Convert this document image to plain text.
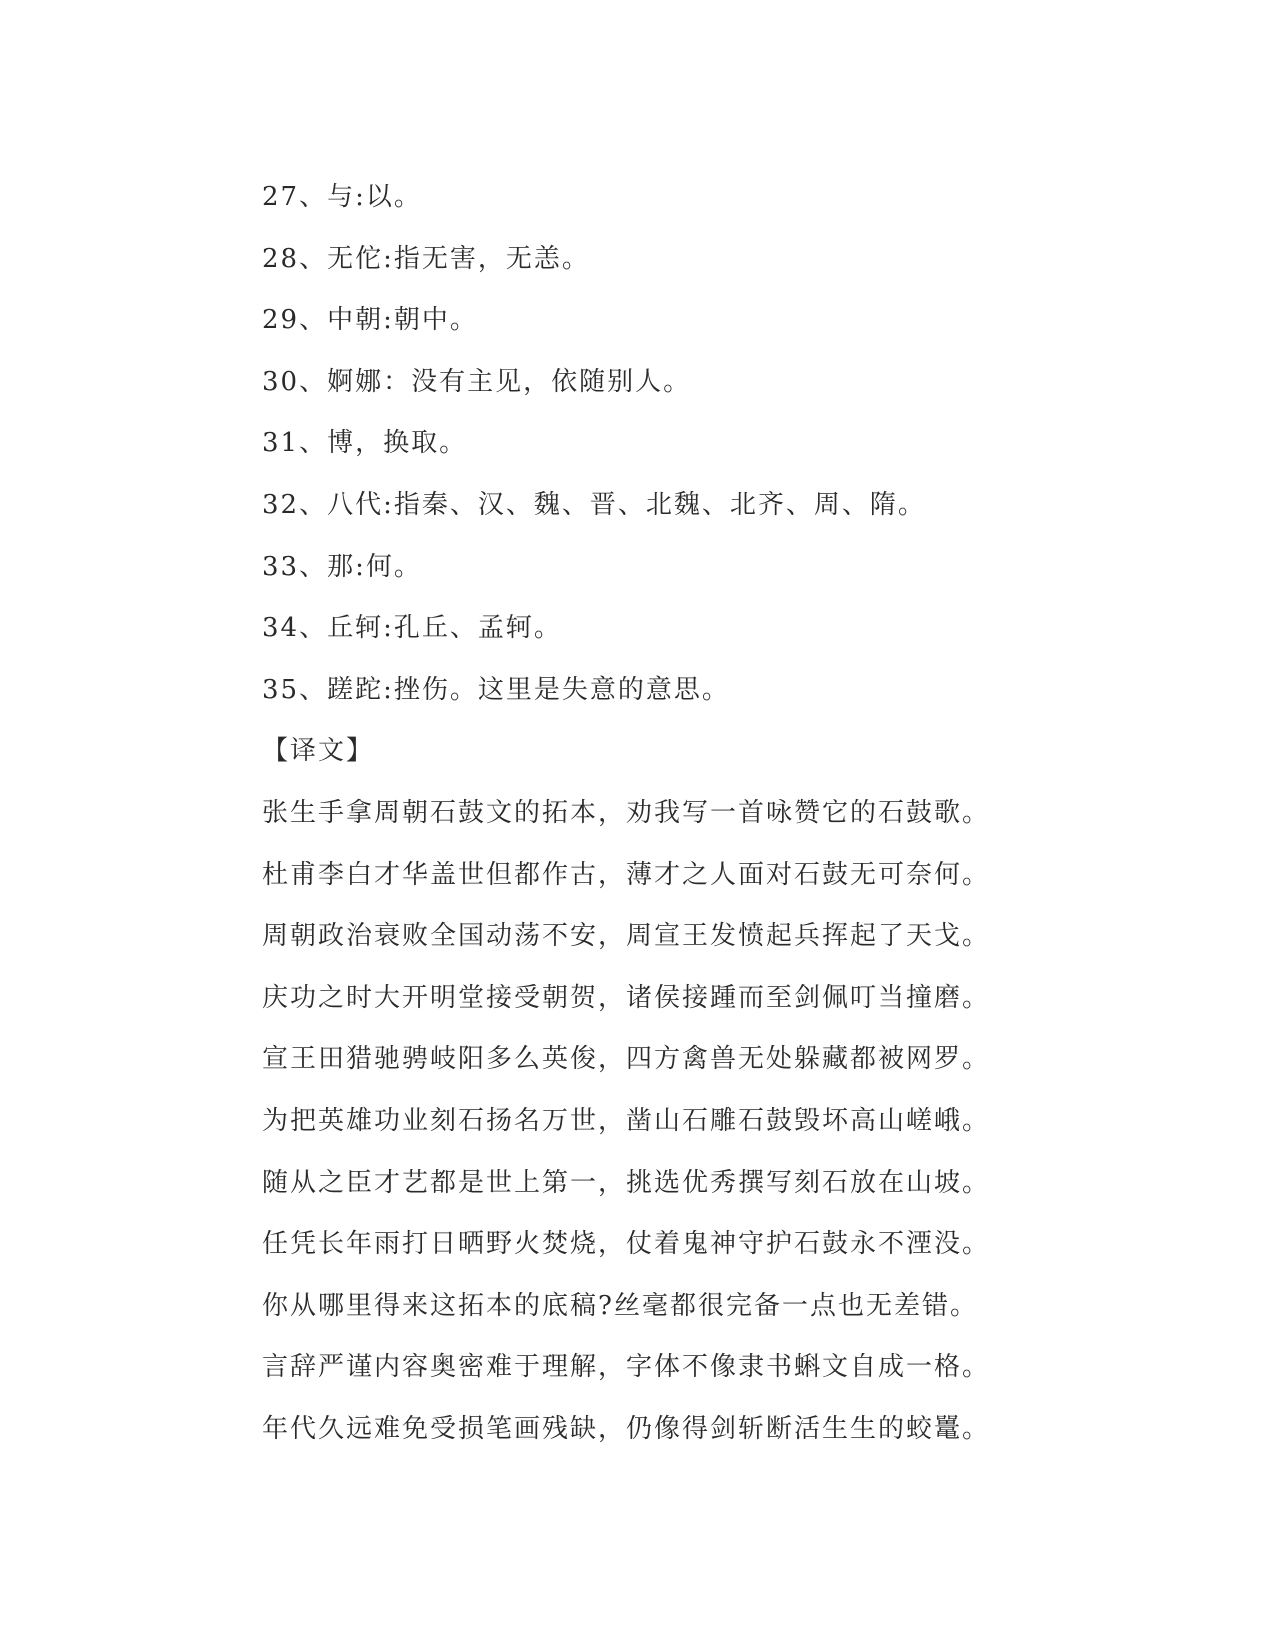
27、与:以。
28、无佗:指无害，无恙。
29、中朝:朝中。
30、婀娜：没有主见，依随别人。
31、博，换取。
32、八代:指秦、汉、魏、晋、北魏、北齐、周、隋。
33、那:何。
34、丘轲:孔丘、孟轲。
35、蹉跎:挫伤。这里是失意的意思。
【译文】
张生手拿周朝石鼓文的拓本，劝我写一首咏赞它的石鼓歌。
杜甫李白才华盖世但都作古，薄才之人面对石鼓无可奈何。
周朝政治衰败全国动荡不安，周宣王发愤起兵挥起了天戈。
庆功之时大开明堂接受朝贺，诸侯接踵而至剑佩叮当撞磨。
宣王田猎驰骋岐阳多么英俊，四方禽兽无处躲藏都被网罗。
为把英雄功业刻石扬名万世，凿山石雕石鼓毁坏高山嵯峨。
随从之臣才艺都是世上第一，挑选优秀撰写刻石放在山坡。
任凭长年雨打日晒野火焚烧，仗着鬼神守护石鼓永不湮没。
你从哪里得来这拓本的底稿?丝毫都很完备一点也无差错。
言辞严谨内容奥密难于理解，字体不像隶书蝌文自成一格。
年代久远难免受损笔画残缺，仍像得剑斩断活生生的蛟鼍。
